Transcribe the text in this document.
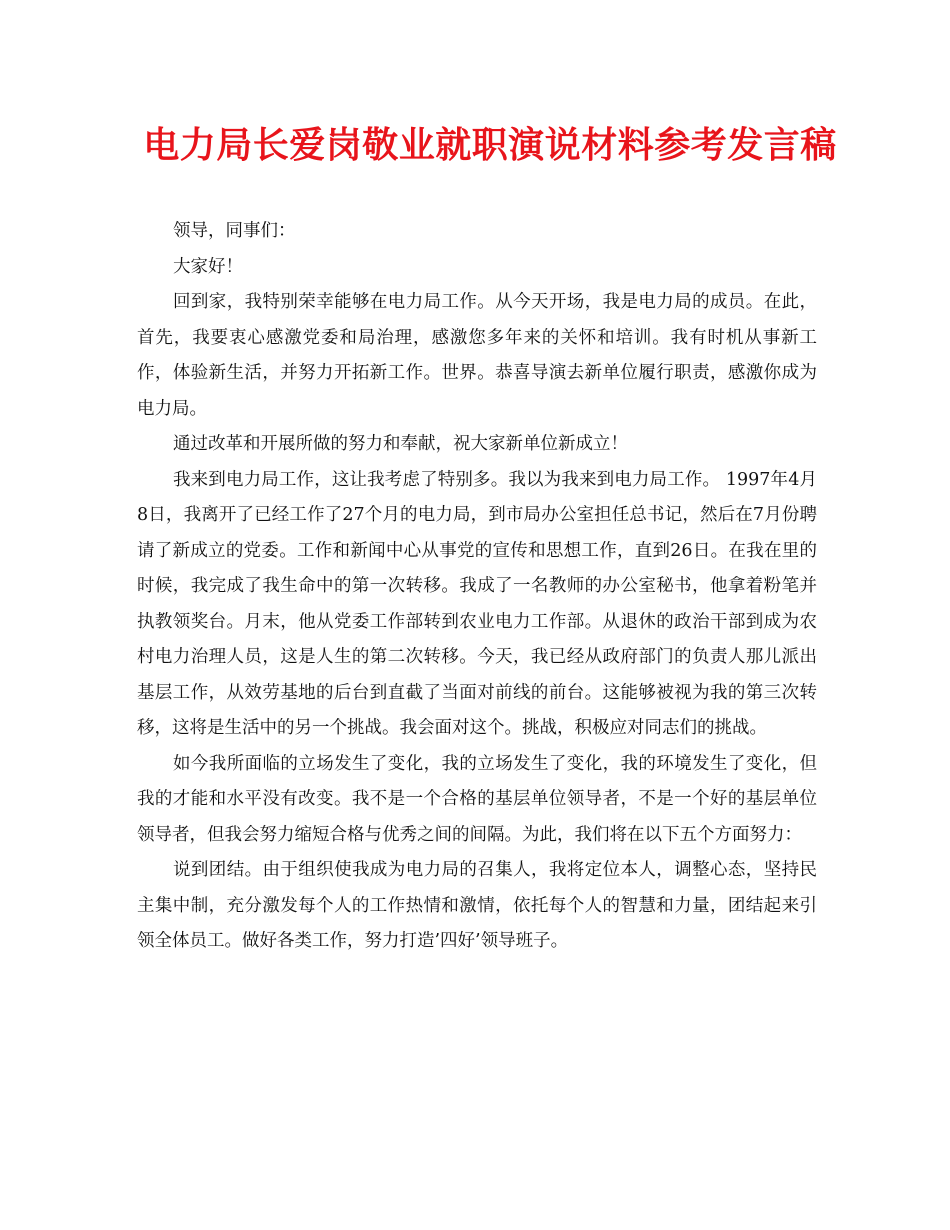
电力局长爱岗敬业就职演说材料参考发言稿

领导，同事们：

大家好！

回到家，我特别荣幸能够在电力局工作。从今天开场，我是电力局的成员。在此，首先，我要衷心感激党委和局治理，感激您多年来的关怀和培训。我有时机从事新工作，体验新生活，并努力开拓新工作。世界。恭喜导演去新单位履行职责，感激你成为电力局。

通过改革和开展所做的努力和奉献，祝大家新单位新成立！

我来到电力局工作，这让我考虑了特别多。我以为我来到电力局工作。 1997年4月8日，我离开了已经工作了27个月的电力局，到市局办公室担任总书记，然后在7月份聘请了新成立的党委。工作和新闻中心从事党的宣传和思想工作，直到26日。在我在里的时候，我完成了我生命中的第一次转移。我成了一名教师的办公室秘书，他拿着粉笔并执教领奖台。月末，他从党委工作部转到农业电力工作部。从退休的政治干部到成为农村电力治理人员，这是人生的第二次转移。今天，我已经从政府部门的负责人那儿派出基层工作，从效劳基地的后台到直截了当面对前线的前台。这能够被视为我的第三次转移，这将是生活中的另一个挑战。我会面对这个。挑战，积极应对同志们的挑战。

如今我所面临的立场发生了变化，我的立场发生了变化，我的环境发生了变化，但我的才能和水平没有改变。我不是一个合格的基层单位领导者，不是一个好的基层单位领导者，但我会努力缩短合格与优秀之间的间隔。为此，我们将在以下五个方面努力：

说到团结。由于组织使我成为电力局的召集人，我将定位本人，调整心态，坚持民主集中制，充分激发每个人的工作热情和激情，依托每个人的智慧和力量，团结起来引领全体员工。做好各类工作，努力打造’四好’领导班子。
